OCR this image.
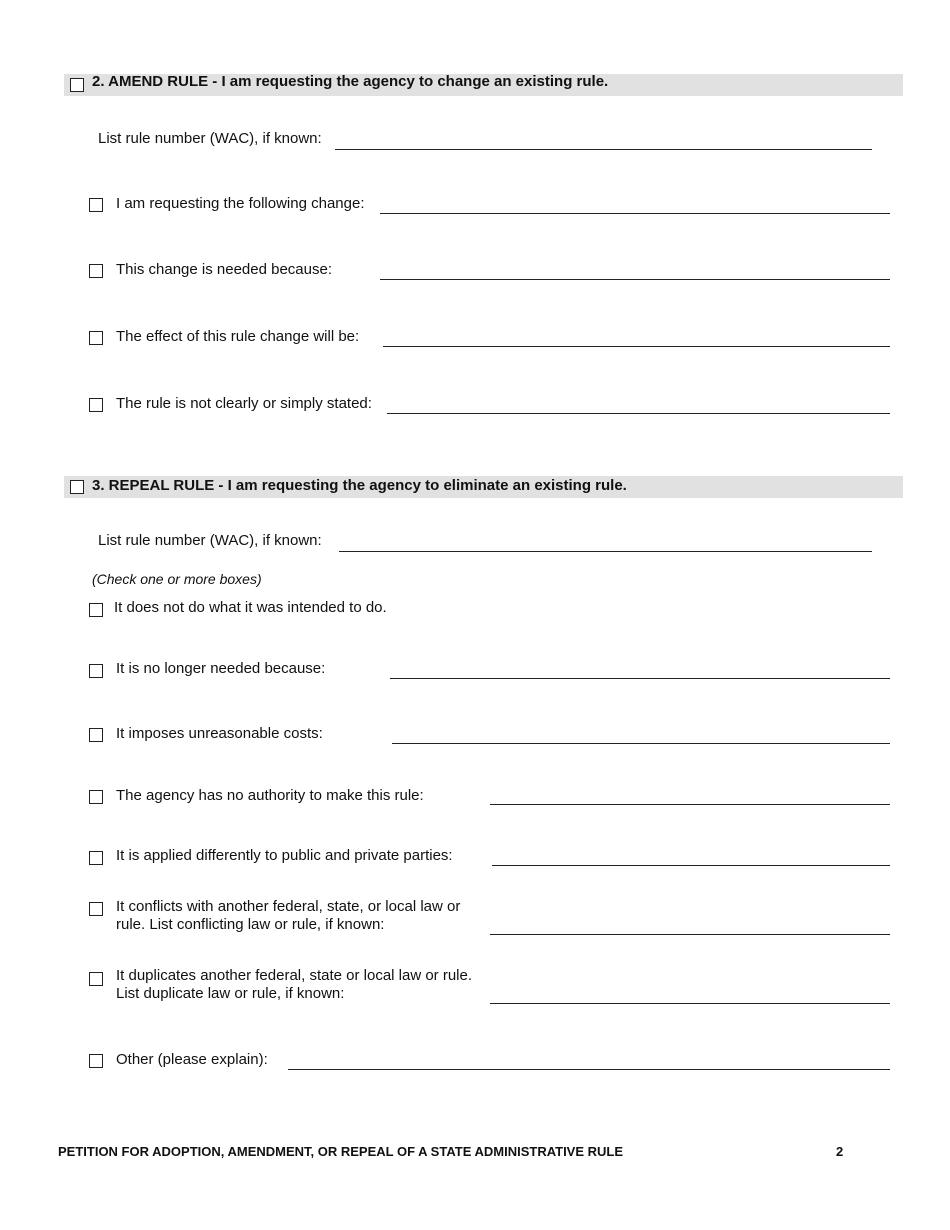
2. AMEND RULE - I am requesting the agency to change an existing rule.
List rule number (WAC), if known:
I am requesting the following change:
This change is needed because:
The effect of this rule change will be:
The rule is not clearly or simply stated:
3. REPEAL RULE - I am requesting the agency to eliminate an existing rule.
List rule number (WAC), if known:
(Check one or more boxes)
It does not do what it was intended to do.
It is no longer needed because:
It imposes unreasonable costs:
The agency has no authority to make this rule:
It is applied differently to public and private parties:
It conflicts with another federal, state, or local law or
rule. List conflicting law or rule, if known:
It duplicates another federal, state or local law or rule.
List duplicate law or rule, if known:
Other (please explain):
PETITION FOR ADOPTION, AMENDMENT, OR REPEAL OF A STATE ADMINISTRATIVE RULE	2
